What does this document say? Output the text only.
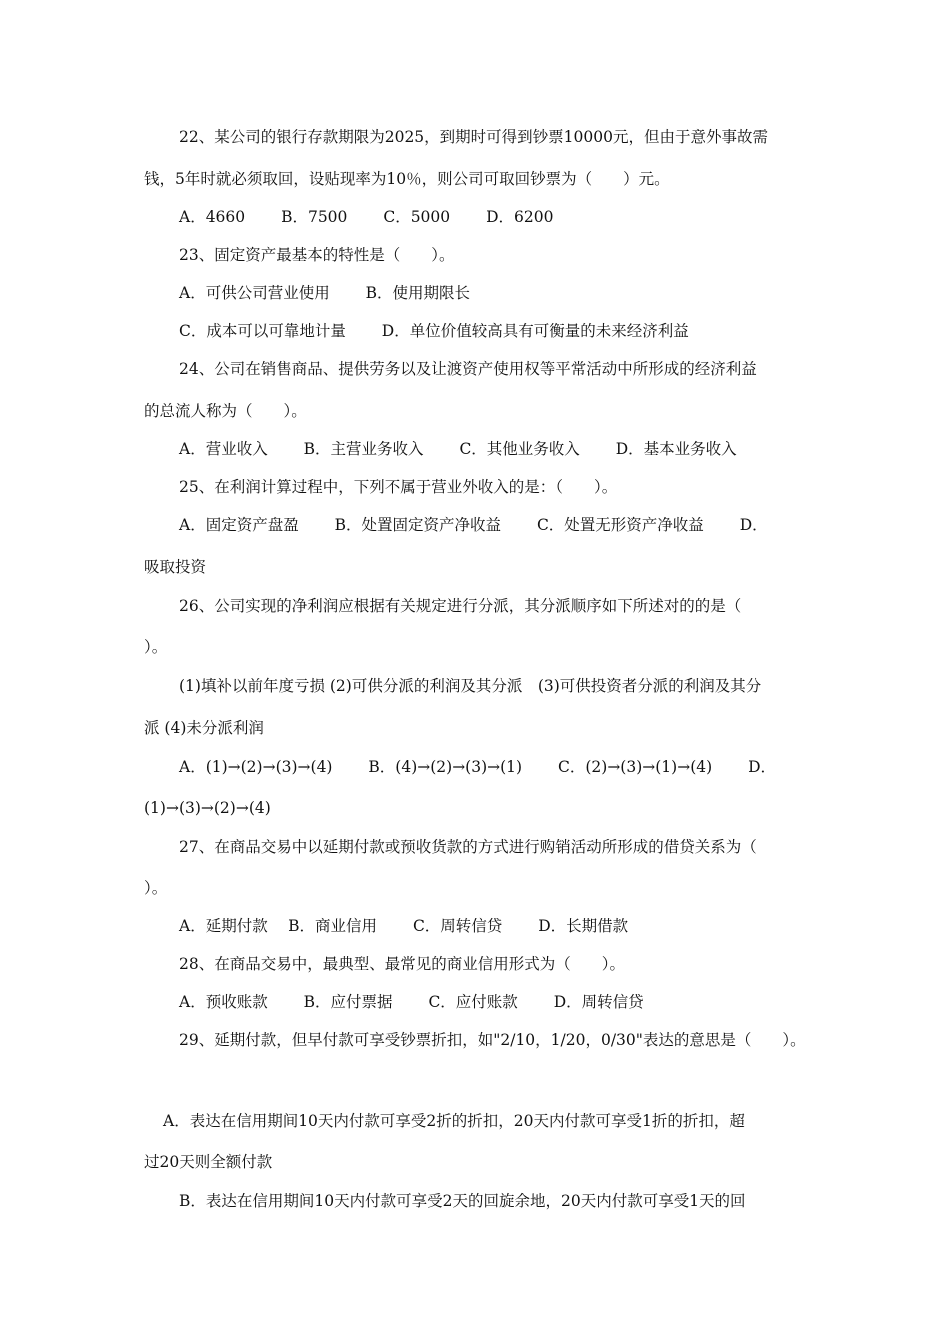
22、某公司的银行存款期限为2025，到期时可得到钞票10000元，但由于意外事故需
钱，5年时就必须取回，设贴现率为10％，则公司可取回钞票为（　　）元。
A．4660　　 B．7500　　 C．5000　　 D．6200
23、固定资产最基本的特性是（　　）。
A．可供公司营业使用　　 B．使用期限长
C．成本可以可靠地计量　　 D．单位价值较高具有可衡量的未来经济利益
24、公司在销售商品、提供劳务以及让渡资产使用权等平常活动中所形成的经济利益
的总流人称为（　　）。
A．营业收入　　 B．主营业务收入　　 C．其他业务收入　　 D．基本业务收入
25、在利润计算过程中，下列不属于营业外收入的是：（　　）。
A．固定资产盘盈　　 B．处置固定资产净收益　　 C．处置无形资产净收益　　 D．
吸取投资
26、公司实现的净利润应根据有关规定进行分派，其分派顺序如下所述对的的是（
）。
(1)填补以前年度亏损 (2)可供分派的利润及其分派　(3)可供投资者分派的利润及其分
派 (4)未分派利润
A．(1)→(2)→(3)→(4)　　 B．(4)→(2)→(3)→(1)　　 C．(2)→(3)→(1)→(4)　　 D．
(1)→(3)→(2)→(4)
27、在商品交易中以延期付款或预收货款的方式进行购销活动所形成的借贷关系为（
）。
A．延期付款　 B．商业信用　　 C．周转信贷　　 D．长期借款
28、在商品交易中，最典型、最常见的商业信用形式为（　　）。
A．预收账款　　 B．应付票据　　 C．应付账款　　 D．周转信贷
29、延期付款，但早付款可享受钞票折扣，如"2/10，1/20，0/30"表达的意思是（　　）。
A．表达在信用期间10天内付款可享受2折的折扣，20天内付款可享受1折的折扣，超
过20天则全额付款
B．表达在信用期间10天内付款可享受2天的回旋余地，20天内付款可享受1天的回
